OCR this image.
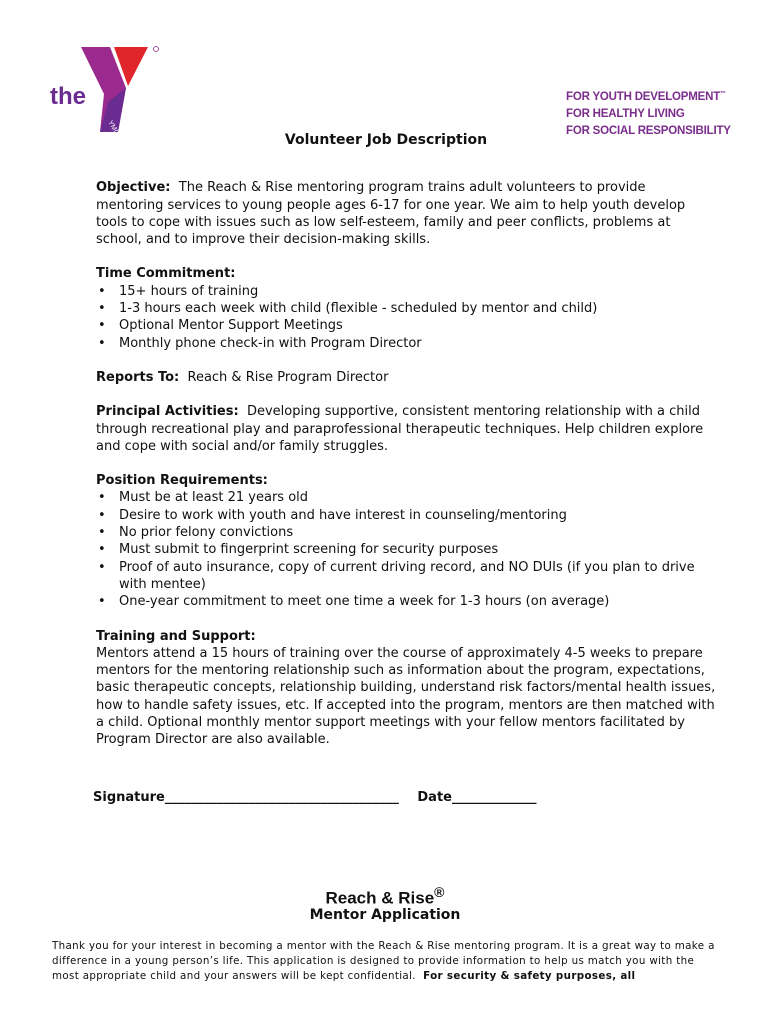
the
YMCA
FOR YOUTH DEVELOPMENT™
FOR HEALTHY LIVING
FOR SOCIAL RESPONSIBILITY
Volunteer Job Description

Objective: The Reach & Rise mentoring program trains adult volunteers to provide mentoring services to young people ages 6-17 for one year. We aim to help youth develop tools to cope with issues such as low self-esteem, family and peer conflicts, problems at school, and to improve their decision-making skills.

Time Commitment:

• 15+ hours of training
• 1-3 hours each week with child (flexible - scheduled by mentor and child)
• Optional Mentor Support Meetings
• Monthly phone check-in with Program Director

Reports To: Reach & Rise Program Director

Principal Activities: Developing supportive, consistent mentoring relationship with a child through recreational play and paraprofessional therapeutic techniques. Help children explore and cope with social and/or family struggles.

Position Requirements:

• Must be at least 21 years old
• Desire to work with youth and have interest in counseling/mentoring
• No prior felony convictions
• Must submit to fingerprint screening for security purposes
• Proof of auto insurance, copy of current driving record, and NO DUIs (if you plan to drive with mentee)
• One-year commitment to meet one time a week for 1-3 hours (on average)

Training and Support:

Mentors attend a 15 hours of training over the course of approximately 4-5 weeks to prepare mentors for the mentoring relationship such as information about the program, expectations, basic therapeutic concepts, relationship building, understand risk factors/mental health issues, how to handle safety issues, etc. If accepted into the program, mentors are then matched with a child. Optional monthly mentor support meetings with your fellow mentors facilitated by Program Director are also available.

Signature____________________________________ Date_____________
Reach & Rise®
Mentor Application
Thank you for your interest in becoming a mentor with the Reach & Rise mentoring program. It is a great way to make a difference in a young person’s life. This application is designed to provide information to help us match you with the most appropriate child and your answers will be kept confidential. For security & safety purposes, all
